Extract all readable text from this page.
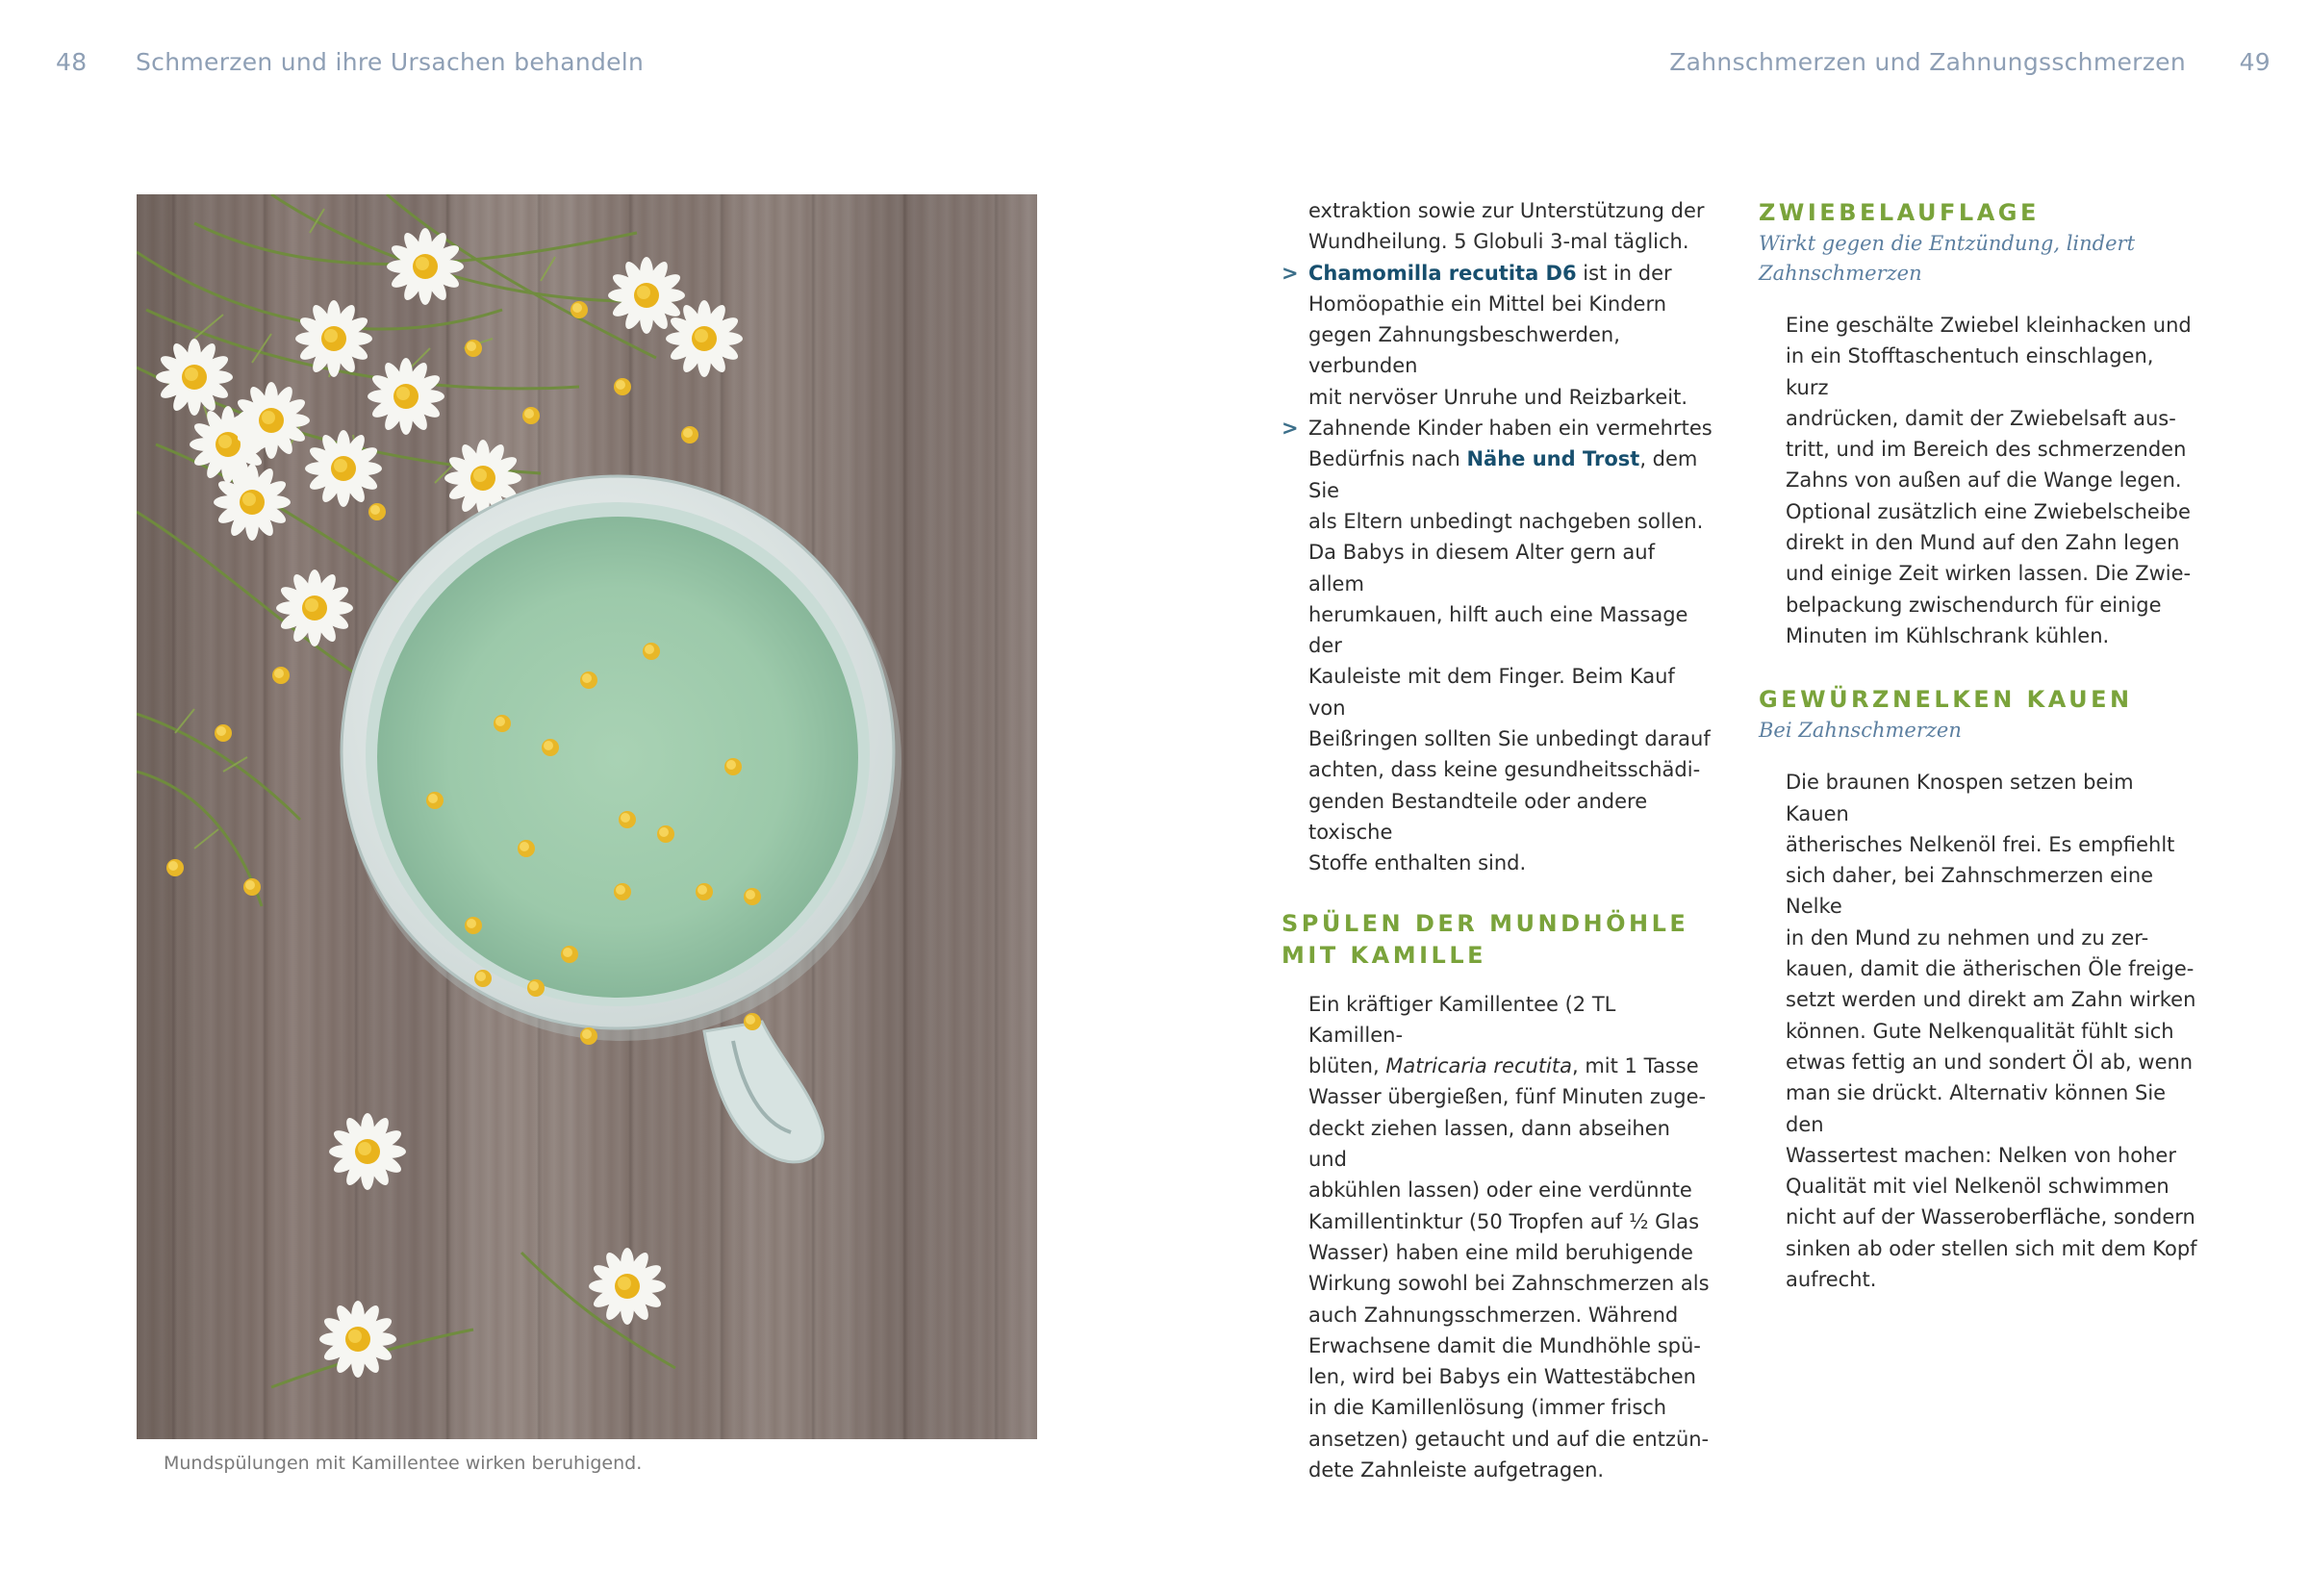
48 Schmerzen und ihre Ursachen behandeln	Zahnschmerzen und Zahnungsschmerzen 49
Mundspülungen mit Kamillentee wirken beruhigend.
extraktion sowie zur Unterstützung der
Wundheilung. 5 Globuli 3-mal täglich.
> Chamomilla recutita D6 ist in der
Homöopathie ein Mittel bei Kindern
gegen Zahnungsbeschwerden, verbunden
mit nervöser Unruhe und Reizbarkeit.
> Zahnende Kinder haben ein vermehrtes
Bedürfnis nach Nähe und Trost, dem Sie
als Eltern unbedingt nachgeben sollen.
Da Babys in diesem Alter gern auf allem
herumkauen, hilft auch eine Massage der
Kauleiste mit dem Finger. Beim Kauf von
Beißringen sollten Sie unbedingt darauf
achten, dass keine gesundheitsschädi-
genden Bestandteile oder andere toxische
Stoffe enthalten sind.
SPÜLEN DER MUNDHÖHLE
MIT KAMILLE
Ein kräftiger Kamillentee (2 TL Kamillen-
blüten, Matricaria recutita, mit 1 Tasse
Wasser übergießen, fünf Minuten zuge-
deckt ziehen lassen, dann abseihen und
abkühlen lassen) oder eine verdünnte
Kamillentinktur (50 Tropfen auf ½ Glas
Wasser) haben eine mild beruhigende
Wirkung sowohl bei Zahnschmerzen als
auch Zahnungsschmerzen. Während
Erwachsene damit die Mundhöhle spü-
len, wird bei Babys ein Wattestäbchen
in die Kamillenlösung (immer frisch
ansetzen) getaucht und auf die entzün-
dete Zahnleiste aufgetragen.
ZWIEBELAUFLAGE
Wirkt gegen die Entzündung, lindert
Zahnschmerzen
Eine geschälte Zwiebel kleinhacken und
in ein Stofftaschentuch einschlagen, kurz
andrücken, damit der Zwiebelsaft aus-
tritt, und im Bereich des schmerzenden
Zahns von außen auf die Wange legen.
Optional zusätzlich eine Zwiebelscheibe
direkt in den Mund auf den Zahn legen
und einige Zeit wirken lassen. Die Zwie-
belpackung zwischendurch für einige
Minuten im Kühlschrank kühlen.
GEWÜRZNELKEN KAUEN
Bei Zahnschmerzen
Die braunen Knospen setzen beim Kauen
ätherisches Nelkenöl frei. Es empfiehlt
sich daher, bei Zahnschmerzen eine Nelke
in den Mund zu nehmen und zu zer-
kauen, damit die ätherischen Öle freige-
setzt werden und direkt am Zahn wirken
können. Gute Nelkenqualität fühlt sich
etwas fettig an und sondert Öl ab, wenn
man sie drückt. Alternativ können Sie den
Wassertest machen: Nelken von hoher
Qualität mit viel Nelkenöl schwimmen
nicht auf der Wasseroberfläche, sondern
sinken ab oder stellen sich mit dem Kopf
aufrecht.
